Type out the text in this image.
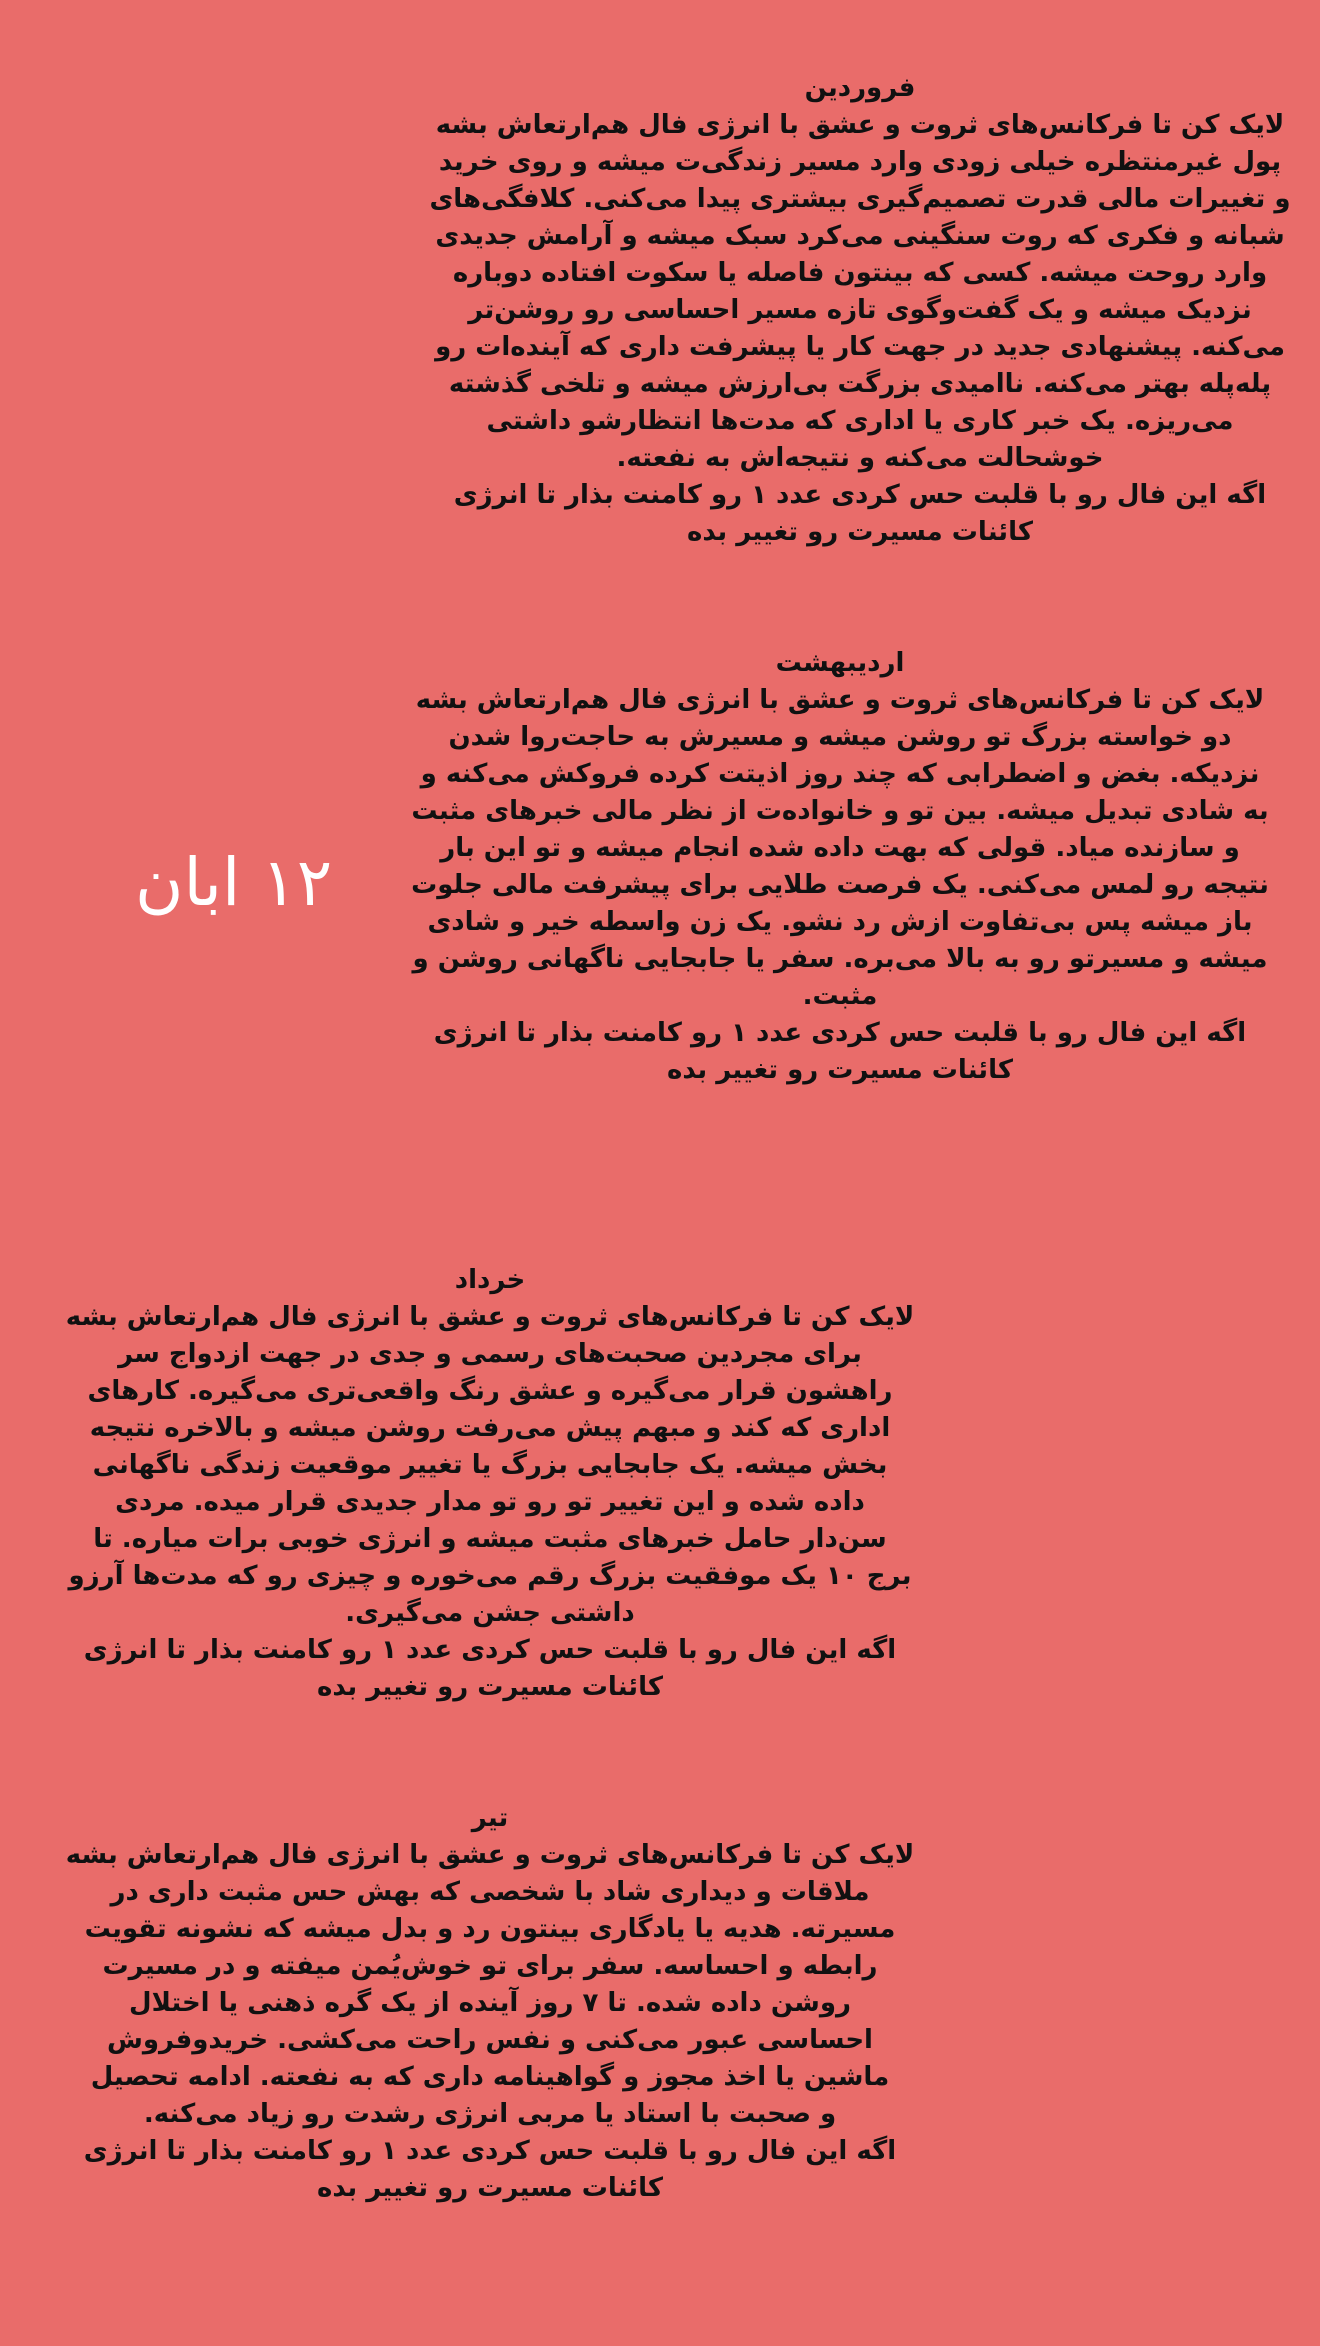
۱۲ ابان
فروردین
لایک کن تا فرکانس‌های ثروت و عشق با انرژی فال هم‌ارتعاش بشه
پول غیرمنتظره خیلی زودی وارد مسیر زندگی‌ت میشه و روی خرید
و تغییرات مالی قدرت تصمیم‌گیری بیشتری پیدا می‌کنی. کلافگی‌های
شبانه و فکری که روت سنگینی می‌کرد سبک میشه و آرامش جدیدی
وارد روحت میشه. کسی که بینتون فاصله یا سکوت افتاده دوباره
نزدیک میشه و یک گفت‌وگوی تازه مسیر احساسی رو روشن‌تر
می‌کنه. پیشنهادی جدید در جهت کار یا پیشرفت داری که آینده‌ات رو
پله‌پله بهتر می‌کنه. ناامیدی بزرگت بی‌ارزش میشه و تلخی گذشته
می‌ریزه. یک خبر کاری یا اداری که مدت‌ها انتظارشو داشتی
خوشحالت می‌کنه و نتیجه‌اش به نفعته.
اگه این فال رو با قلبت حس کردی عدد ۱ رو کامنت بذار تا انرژی
کائنات مسیرت رو تغییر بده
اردیبهشت
لایک کن تا فرکانس‌های ثروت و عشق با انرژی فال هم‌ارتعاش بشه
دو خواسته بزرگ تو روشن میشه و مسیرش به حاجت‌روا شدن
نزدیکه. بغض و اضطرابی که چند روز اذیتت کرده فروکش می‌کنه و
به شادی تبدیل میشه. بین تو و خانواده‌ت از نظر مالی خبرهای مثبت
و سازنده میاد. قولی که بهت داده شده انجام میشه و تو این بار
نتیجه رو لمس می‌کنی. یک فرصت طلایی برای پیشرفت مالی جلوت
باز میشه پس بی‌تفاوت ازش رد نشو. یک زن واسطه خیر و شادی
میشه و مسیرتو رو به بالا می‌بره. سفر یا جابجایی ناگهانی روشن و
مثبت.
اگه این فال رو با قلبت حس کردی عدد ۱ رو کامنت بذار تا انرژی
کائنات مسیرت رو تغییر بده
خرداد
لایک کن تا فرکانس‌های ثروت و عشق با انرژی فال هم‌ارتعاش بشه
برای مجردین صحبت‌های رسمی و جدی در جهت ازدواج سر
راهشون قرار می‌گیره و عشق رنگ واقعی‌تری می‌گیره. کارهای
اداری که کند و مبهم پیش می‌رفت روشن میشه و بالاخره نتیجه
بخش میشه. یک جابجایی بزرگ یا تغییر موقعیت زندگی ناگهانی
داده شده و این تغییر تو رو تو مدار جدیدی قرار میده. مردی
سن‌دار حامل خبرهای مثبت میشه و انرژی خوبی برات میاره. تا
برج ۱۰ یک موفقیت بزرگ رقم می‌خوره و چیزی رو که مدت‌ها آرزو
داشتی جشن می‌گیری.
اگه این فال رو با قلبت حس کردی عدد ۱ رو کامنت بذار تا انرژی
کائنات مسیرت رو تغییر بده
تیر
لایک کن تا فرکانس‌های ثروت و عشق با انرژی فال هم‌ارتعاش بشه
ملاقات و دیداری شاد با شخصی که بهش حس مثبت داری در
مسیرته. هدیه یا یادگاری بینتون رد و بدل میشه که نشونه تقویت
رابطه و احساسه. سفر برای تو خوش‌یُمن میفته و در مسیرت
روشن داده شده. تا ۷ روز آینده از یک گره ذهنی یا اختلال
احساسی عبور می‌کنی و نفس راحت می‌کشی. خریدوفروش
ماشین یا اخذ مجوز و گواهینامه داری که به نفعته. ادامه تحصیل
و صحبت با استاد یا مربی انرژی رشدت رو زیاد می‌کنه.
اگه این فال رو با قلبت حس کردی عدد ۱ رو کامنت بذار تا انرژی
کائنات مسیرت رو تغییر بده
